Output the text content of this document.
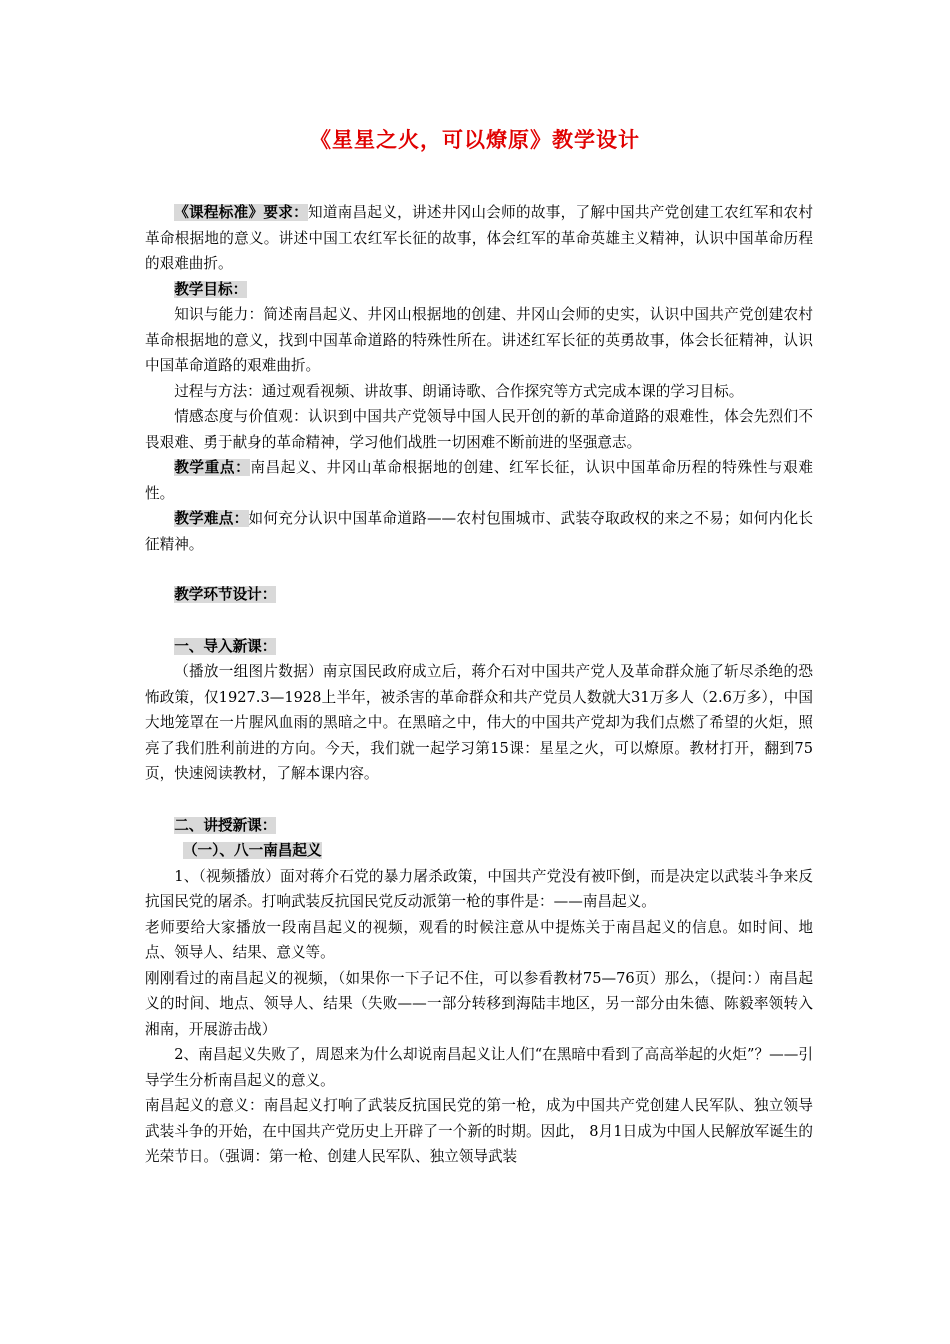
《星星之火，可以燎原》教学设计

《课程标准》要求：知道南昌起义，讲述井冈山会师的故事，了解中国共产党创建工农红军和农村革命根据地的意义。讲述中国工农红军长征的故事，体会红军的革命英雄主义精神，认识中国革命历程的艰难曲折。

教学目标：

知识与能力：简述南昌起义、井冈山根据地的创建、井冈山会师的史实，认识中国共产党创建农村革命根据地的意义，找到中国革命道路的特殊性所在。讲述红军长征的英勇故事，体会长征精神，认识中国革命道路的艰难曲折。

过程与方法：通过观看视频、讲故事、朗诵诗歌、合作探究等方式完成本课的学习目标。

情感态度与价值观：认识到中国共产党领导中国人民开创的新的革命道路的艰难性，体会先烈们不畏艰难、勇于献身的革命精神，学习他们战胜一切困难不断前进的坚强意志。

教学重点：南昌起义、井冈山革命根据地的创建、红军长征，认识中国革命历程的特殊性与艰难性。

教学难点：如何充分认识中国革命道路——农村包围城市、武装夺取政权的来之不易；如何内化长征精神。

教学环节设计：

一、导入新课：

（播放一组图片数据）南京国民政府成立后，蒋介石对中国共产党人及革命群众施了斩尽杀绝的恐怖政策，仅1927.3—1928上半年，被杀害的革命群众和共产党员人数就大31万多人（2.6万多），中国大地笼罩在一片腥风血雨的黑暗之中。在黑暗之中，伟大的中国共产党却为我们点燃了希望的火炬，照亮了我们胜利前进的方向。今天，我们就一起学习第15课：星星之火，可以燎原。教材打开，翻到75页，快速阅读教材，了解本课内容。

二、讲授新课：

（一）、八一南昌起义

1、（视频播放）面对蒋介石党的暴力屠杀政策，中国共产党没有被吓倒，而是决定以武装斗争来反抗国民党的屠杀。打响武装反抗国民党反动派第一枪的事件是：——南昌起义。

老师要给大家播放一段南昌起义的视频，观看的时候注意从中提炼关于南昌起义的信息。如时间、地点、领导人、结果、意义等。

刚刚看过的南昌起义的视频，（如果你一下子记不住，可以参看教材75—76页）那么，（提问：）南昌起义的时间、地点、领导人、结果（失败——一部分转移到海陆丰地区，另一部分由朱德、陈毅率领转入湘南，开展游击战）

2、南昌起义失败了，周恩来为什么却说南昌起义让人们“在黑暗中看到了高高举起的火炬”？——引导学生分析南昌起义的意义。

南昌起义的意义：南昌起义打响了武装反抗国民党的第一枪，成为中国共产党创建人民军队、独立领导武装斗争的开始，在中国共产党历史上开辟了一个新的时期。因此， 8月1日成为中国人民解放军诞生的光荣节日。（强调：第一枪、创建人民军队、独立领导武装
